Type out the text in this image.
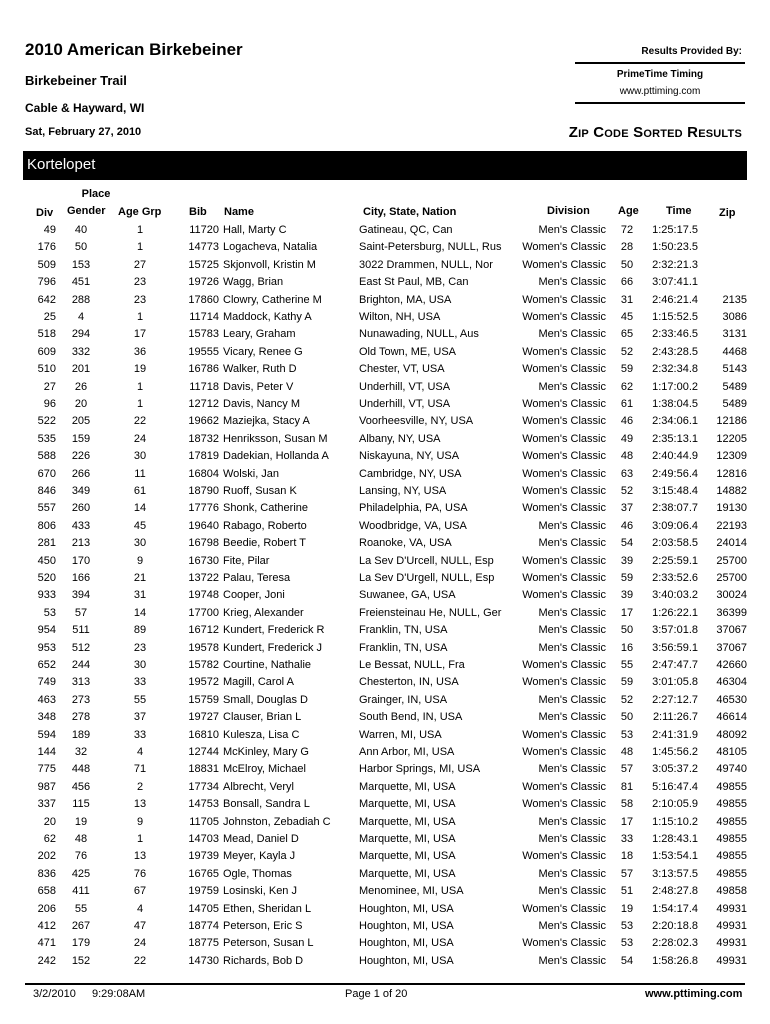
2010 American Birkebeiner
Birkebeiner Trail
Cable & Hayward, WI
Sat, February 27, 2010
Results Provided By:
PrimeTime Timing
www.pttiming.com
Zip Code Sorted Results
Kortelopet
Place
Div Gender Age Grp	Bib Name	City, State, Nation	Division	Age Time	Zip
49	40	1	11720 Hall, Marty C	Gatineau, QC, Can	Men's Classic	72	1:25:17.5
176	50	1	14773 Logacheva, Natalia	Saint-Petersburg, NULL, Rus	Women's Classic	28	1:50:23.5
509	153	27	15725 Skjonvoll, Kristin M	3022 Drammen, NULL, Nor	Women's Classic	50	2:32:21.3
796	451	23	19726 Wagg, Brian	East St Paul, MB, Can	Men's Classic	66	3:07:41.1
642	288	23	17860 Clowry, Catherine M	Brighton, MA, USA	Women's Classic	31	2:46:21.4	2135
25	4	1	11714 Maddock, Kathy A	Wilton, NH, USA	Women's Classic	45	1:15:52.5	3086
518	294	17	15783 Leary, Graham	Nunawading, NULL, Aus	Men's Classic	65	2:33:46.5	3131
609	332	36	19555 Vicary, Renee G	Old Town, ME, USA	Women's Classic	52	2:43:28.5	4468
510	201	19	16786 Walker, Ruth D	Chester, VT, USA	Women's Classic	59	2:32:34.8	5143
27	26	1	11718 Davis, Peter V	Underhill, VT, USA	Men's Classic	62	1:17:00.2	5489
96	20	1	12712 Davis, Nancy M	Underhill, VT, USA	Women's Classic	61	1:38:04.5	5489
522	205	22	19662 Maziejka, Stacy A	Voorheesville, NY, USA	Women's Classic	46	2:34:06.1	12186
535	159	24	18732 Henriksson, Susan M	Albany, NY, USA	Women's Classic	49	2:35:13.1	12205
588	226	30	17819 Dadekian, Hollanda A	Niskayuna, NY, USA	Women's Classic	48	2:40:44.9	12309
670	266	11	16804 Wolski, Jan	Cambridge, NY, USA	Women's Classic	63	2:49:56.4	12816
846	349	61	18790 Ruoff, Susan K	Lansing, NY, USA	Women's Classic	52	3:15:48.4	14882
557	260	14	17776 Shonk, Catherine	Philadelphia, PA, USA	Women's Classic	37	2:38:07.7	19130
806	433	45	19640 Rabago, Roberto	Woodbridge, VA, USA	Men's Classic	46	3:09:06.4	22193
281	213	30	16798 Beedie, Robert T	Roanoke, VA, USA	Men's Classic	54	2:03:58.5	24014
450	170	9	16730 Fite, Pilar	La Sev D'Urcell, NULL, Esp	Women's Classic	39	2:25:59.1	25700
520	166	21	13722 Palau, Teresa	La Sev D'Urgell, NULL, Esp	Women's Classic	59	2:33:52.6	25700
933	394	31	19748 Cooper, Joni	Suwanee, GA, USA	Women's Classic	39	3:40:03.2	30024
53	57	14	17700 Krieg, Alexander	Freiensteinau He, NULL, Ger	Men's Classic	17	1:26:22.1	36399
954	511	89	16712 Kundert, Frederick R	Franklin, TN, USA	Men's Classic	50	3:57:01.8	37067
953	512	23	19578 Kundert, Frederick J	Franklin, TN, USA	Men's Classic	16	3:56:59.1	37067
652	244	30	15782 Courtine, Nathalie	Le Bessat, NULL, Fra	Women's Classic	55	2:47:47.7	42660
749	313	33	19572 Magill, Carol A	Chesterton, IN, USA	Women's Classic	59	3:01:05.8	46304
463	273	55	15759 Small, Douglas D	Grainger, IN, USA	Men's Classic	52	2:27:12.7	46530
348	278	37	19727 Clauser, Brian L	South Bend, IN, USA	Men's Classic	50	2:11:26.7	46614
594	189	33	16810 Kulesza, Lisa C	Warren, MI, USA	Women's Classic	53	2:41:31.9	48092
144	32	4	12744 McKinley, Mary G	Ann Arbor, MI, USA	Women's Classic	48	1:45:56.2	48105
775	448	71	18831 McElroy, Michael	Harbor Springs, MI, USA	Men's Classic	57	3:05:37.2	49740
987	456	2	17734 Albrecht, Veryl	Marquette, MI, USA	Women's Classic	81	5:16:47.4	49855
337	115	13	14753 Bonsall, Sandra L	Marquette, MI, USA	Women's Classic	58	2:10:05.9	49855
20	19	9	11705 Johnston, Zebadiah C	Marquette, MI, USA	Men's Classic	17	1:15:10.2	49855
62	48	1	14703 Mead, Daniel D	Marquette, MI, USA	Men's Classic	33	1:28:43.1	49855
202	76	13	19739 Meyer, Kayla J	Marquette, MI, USA	Women's Classic	18	1:53:54.1	49855
836	425	76	16765 Ogle, Thomas	Marquette, MI, USA	Men's Classic	57	3:13:57.5	49855
658	411	67	19759 Losinski, Ken J	Menominee, MI, USA	Men's Classic	51	2:48:27.8	49858
206	55	4	14705 Ethen, Sheridan L	Houghton, MI, USA	Women's Classic	19	1:54:17.4	49931
412	267	47	18774 Peterson, Eric S	Houghton, MI, USA	Men's Classic	53	2:20:18.8	49931
471	179	24	18775 Peterson, Susan L	Houghton, MI, USA	Women's Classic	53	2:28:02.3	49931
242	152	22	14730 Richards, Bob D	Houghton, MI, USA	Men's Classic	54	1:58:26.8	49931
3/2/2010 9:29:08AM	Page 1 of 20	www.pttiming.com
